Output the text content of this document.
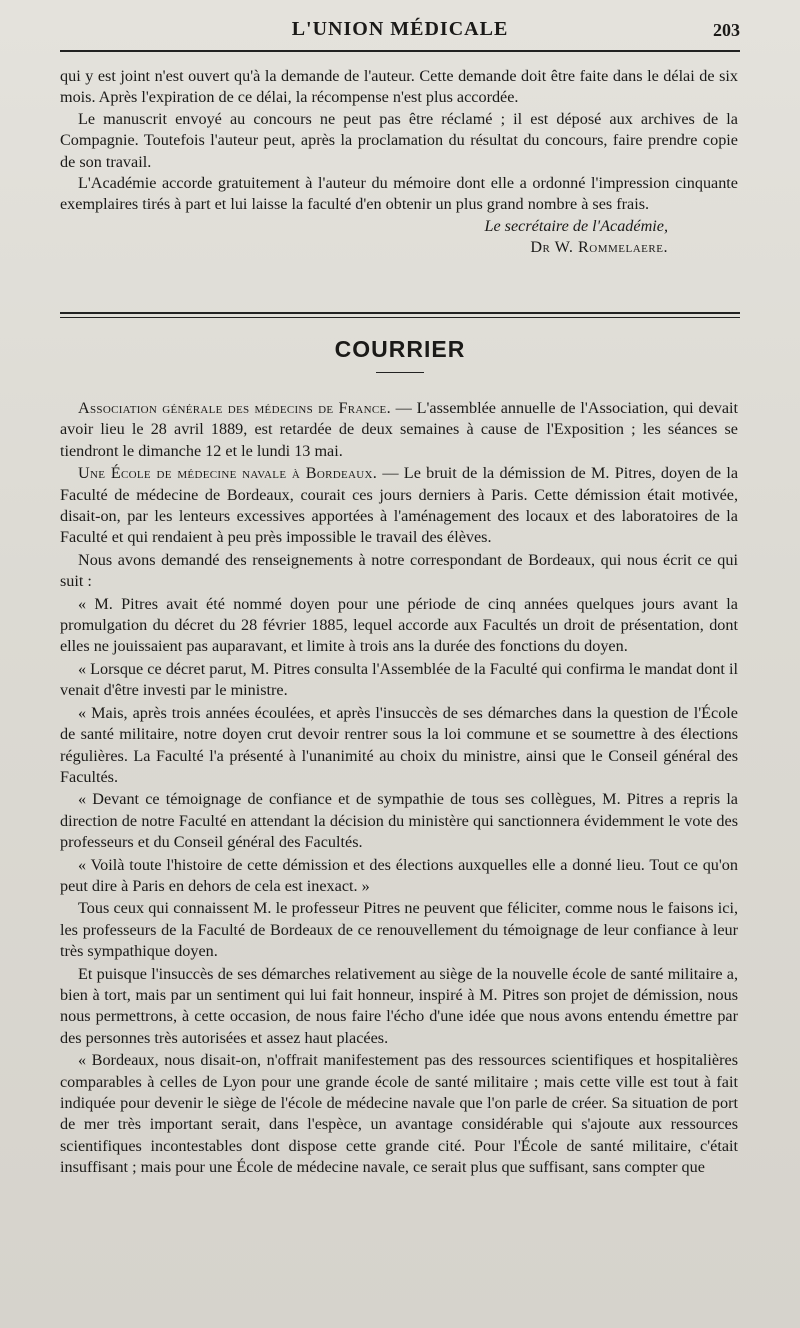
L'UNION MÉDICALE	203

qui y est joint n'est ouvert qu'à la demande de l'auteur. Cette demande doit être faite dans le délai de six mois. Après l'expiration de ce délai, la récompense n'est plus accordée.

Le manuscrit envoyé au concours ne peut pas être réclamé ; il est déposé aux archives de la Compagnie. Toutefois l'auteur peut, après la proclamation du résultat du concours, faire prendre copie de son travail.

L'Académie accorde gratuitement à l'auteur du mémoire dont elle a ordonné l'impression cinquante exemplaires tirés à part et lui laisse la faculté d'en obtenir un plus grand nombre à ses frais.

Le secrétaire de l'Académie,
Dr W. Rommelaere.
COURRIER

Association générale des médecins de France. — L'assemblée annuelle de l'Association, qui devait avoir lieu le 28 avril 1889, est retardée de deux semaines à cause de l'Exposition ; les séances se tiendront le dimanche 12 et le lundi 13 mai.

Une École de médecine navale à Bordeaux. — Le bruit de la démission de M. Pitres, doyen de la Faculté de médecine de Bordeaux, courait ces jours derniers à Paris. Cette démission était motivée, disait-on, par les lenteurs excessives apportées à l'aménagement des locaux et des laboratoires de la Faculté et qui rendaient à peu près impossible le travail des élèves.

Nous avons demandé des renseignements à notre correspondant de Bordeaux, qui nous écrit ce qui suit :

« M. Pitres avait été nommé doyen pour une période de cinq années quelques jours avant la promulgation du décret du 28 février 1885, lequel accorde aux Facultés un droit de présentation, dont elles ne jouissaient pas auparavant, et limite à trois ans la durée des fonctions du doyen.

« Lorsque ce décret parut, M. Pitres consulta l'Assemblée de la Faculté qui confirma le mandat dont il venait d'être investi par le ministre.

« Mais, après trois années écoulées, et après l'insuccès de ses démarches dans la question de l'École de santé militaire, notre doyen crut devoir rentrer sous la loi commune et se soumettre à des élections régulières. La Faculté l'a présenté à l'unanimité au choix du ministre, ainsi que le Conseil général des Facultés.

« Devant ce témoignage de confiance et de sympathie de tous ses collègues, M. Pitres a repris la direction de notre Faculté en attendant la décision du ministère qui sanctionnera évidemment le vote des professeurs et du Conseil général des Facultés.

« Voilà toute l'histoire de cette démission et des élections auxquelles elle a donné lieu. Tout ce qu'on peut dire à Paris en dehors de cela est inexact. »

Tous ceux qui connaissent M. le professeur Pitres ne peuvent que féliciter, comme nous le faisons ici, les professeurs de la Faculté de Bordeaux de ce renouvellement du témoignage de leur confiance à leur très sympathique doyen.

Et puisque l'insuccès de ses démarches relativement au siège de la nouvelle école de santé militaire a, bien à tort, mais par un sentiment qui lui fait honneur, inspiré à M. Pitres son projet de démission, nous nous permettrons, à cette occasion, de nous faire l'écho d'une idée que nous avons entendu émettre par des personnes très autorisées et assez haut placées.

« Bordeaux, nous disait-on, n'offrait manifestement pas des ressources scientifiques et hospitalières comparables à celles de Lyon pour une grande école de santé militaire ; mais cette ville est tout à fait indiquée pour devenir le siège de l'école de médecine navale que l'on parle de créer. Sa situation de port de mer très important serait, dans l'espèce, un avantage considérable qui s'ajoute aux ressources scientifiques incontestables dont dispose cette grande cité. Pour l'École de santé militaire, c'était insuffisant ; mais pour une École de médecine navale, ce serait plus que suffisant, sans compter que
